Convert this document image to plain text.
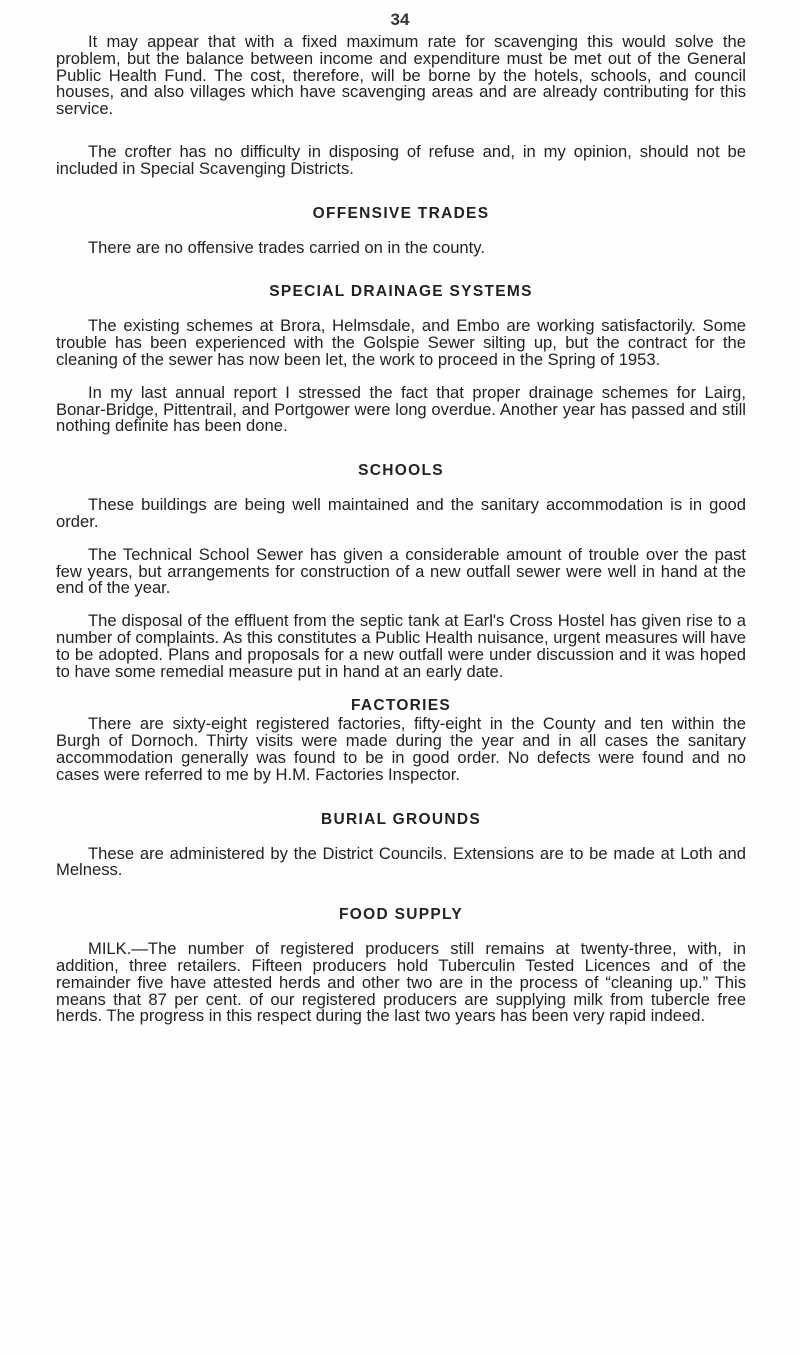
34

It may appear that with a fixed maximum rate for scavenging this would solve the problem, but the balance between income and expenditure must be met out of the General Public Health Fund. The cost, therefore, will be borne by the hotels, schools, and council houses, and also villages which have scavenging areas and are already contributing for this service.

The crofter has no difficulty in disposing of refuse and, in my opinion, should not be included in Special Scavenging Districts.

OFFENSIVE TRADES

There are no offensive trades carried on in the county.

SPECIAL DRAINAGE SYSTEMS

The existing schemes at Brora, Helmsdale, and Embo are working satisfactorily. Some trouble has been experienced with the Golspie Sewer silting up, but the contract for the cleaning of the sewer has now been let, the work to proceed in the Spring of 1953.

In my last annual report I stressed the fact that proper drainage schemes for Lairg, Bonar-Bridge, Pittentrail, and Portgower were long overdue. Another year has passed and still nothing definite has been done.

SCHOOLS

These buildings are being well maintained and the sanitary accommodation is in good order.

The Technical School Sewer has given a considerable amount of trouble over the past few years, but arrangements for construction of a new outfall sewer were well in hand at the end of the year.

The disposal of the effluent from the septic tank at Earl's Cross Hostel has given rise to a number of complaints. As this constitutes a Public Health nuisance, urgent measures will have to be adopted. Plans and proposals for a new outfall were under discussion and it was hoped to have some remedial measure put in hand at an early date.

FACTORIES

There are sixty-eight registered factories, fifty-eight in the County and ten within the Burgh of Dornoch. Thirty visits were made during the year and in all cases the sanitary accommodation generally was found to be in good order. No defects were found and no cases were referred to me by H.M. Factories Inspector.

BURIAL GROUNDS

These are administered by the District Councils. Extensions are to be made at Loth and Melness.

FOOD SUPPLY

MILK.—The number of registered producers still remains at twenty-three, with, in addition, three retailers. Fifteen producers hold Tuberculin Tested Licences and of the remainder five have attested herds and other two are in the process of “cleaning up.” This means that 87 per cent. of our registered producers are supplying milk from tubercle free herds. The progress in this respect during the last two years has been very rapid indeed.
